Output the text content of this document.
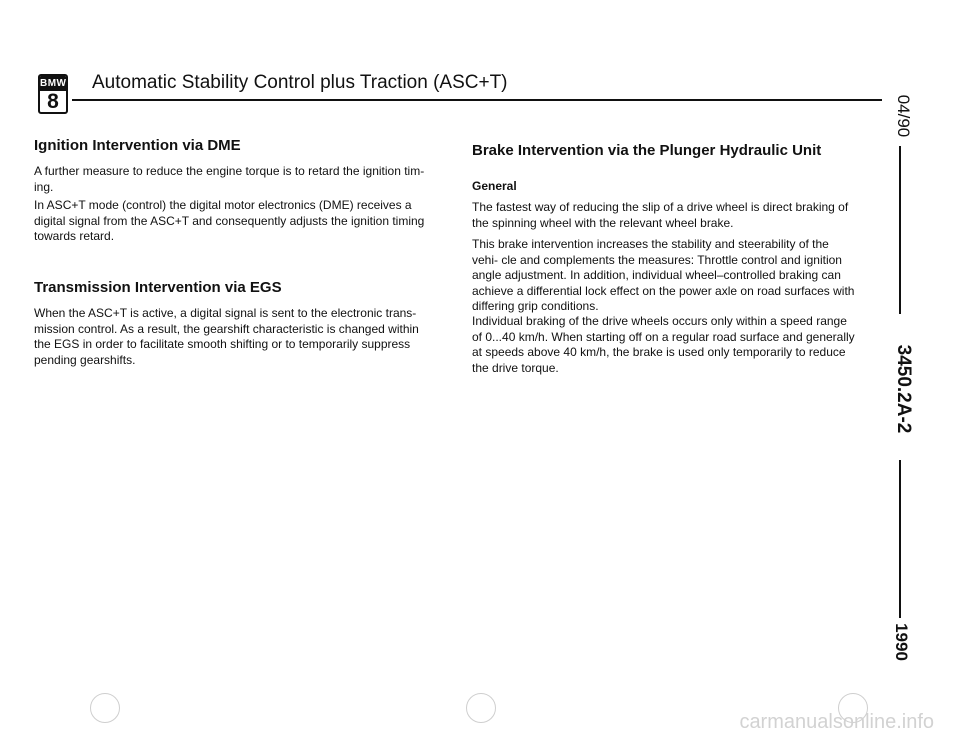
BMW
8
Automatic Stability Control plus Traction (ASC+T)
Ignition Intervention via DME

A further measure to reduce the engine torque is to retard the ignition tim- ing.

In ASC+T mode (control) the digital motor electronics (DME) receives a digital signal from the ASC+T and consequently adjusts the ignition timing towards retard.

Transmission Intervention via EGS

When the ASC+T is active, a digital signal is sent to the electronic trans- mission control. As a result, the gearshift characteristic is changed within the EGS in order to facilitate smooth shifting or to temporarily suppress pending gearshifts.

Brake Intervention via the Plunger Hydraulic Unit
General

The fastest way of reducing the slip of a drive wheel is direct braking of the spinning wheel with the relevant wheel brake.

This brake intervention increases the stability and steerability of the vehi- cle and complements the measures: Throttle control and ignition angle adjustment. In addition, individual wheel–controlled braking can achieve a differential lock effect on the power axle on road surfaces with differing grip conditions.

Individual braking of the drive wheels occurs only within a speed range of 0...40 km/h. When starting off on a regular road surface and generally at speeds above 40 km/h, the brake is used only temporarily to reduce the drive torque.

04/90
3450.2A-2
1990
carmanualsonline.info
